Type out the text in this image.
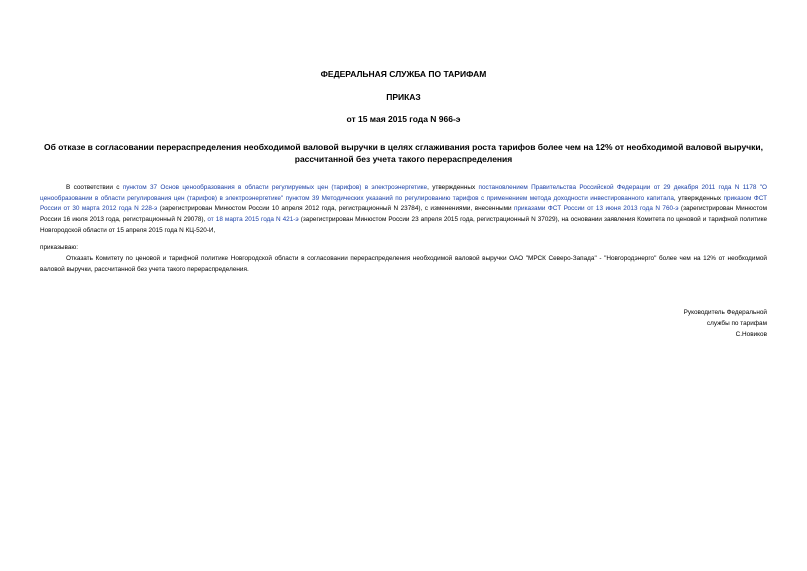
ФЕДЕРАЛЬНАЯ СЛУЖБА ПО ТАРИФАМ
ПРИКАЗ
от 15 мая 2015 года N 966-э
Об отказе в согласовании перераспределения необходимой валовой выручки в целях сглаживания роста тарифов более чем на 12% от необходимой валовой выручки, рассчитанной без учета такого перераспределения
В соответствии с пунктом 37 Основ ценообразования в области регулируемых цен (тарифов) в электроэнергетике, утвержденных постановлением Правительства Российской Федерации от 29 декабря 2011 года N 1178 "О ценообразовании в области регулирования цен (тарифов) в электроэнергетике" пунктом 39 Методических указаний по регулированию тарифов с применением метода доходности инвестированного капитала, утвержденных приказом ФСТ России от 30 марта 2012 года N 228-э (зарегистрирован Минюстом России 10 апреля 2012 года, регистрационный N 23784), с изменениями, внесенными приказами ФСТ России от 13 июня 2013 года N 760-э (зарегистрирован Минюстом России 16 июля 2013 года, регистрационный N 29078), от 18 марта 2015 года N 421-э (зарегистрирован Минюстом России 23 апреля 2015 года, регистрационный N 37029), на основании заявления Комитета по ценовой и тарифной политике Новгородской области от 15 апреля 2015 года N КЦ-520-И,
приказываю:
Отказать Комитету по ценовой и тарифной политике Новгородской области в согласовании перераспределения необходимой валовой выручки ОАО "МРСК Северо-Запада" - "Новгородэнерго" более чем на 12% от необходимой валовой выручки, рассчитанной без учета такого перераспределения.
Руководитель Федеральной
службы по тарифам
С.Новиков
